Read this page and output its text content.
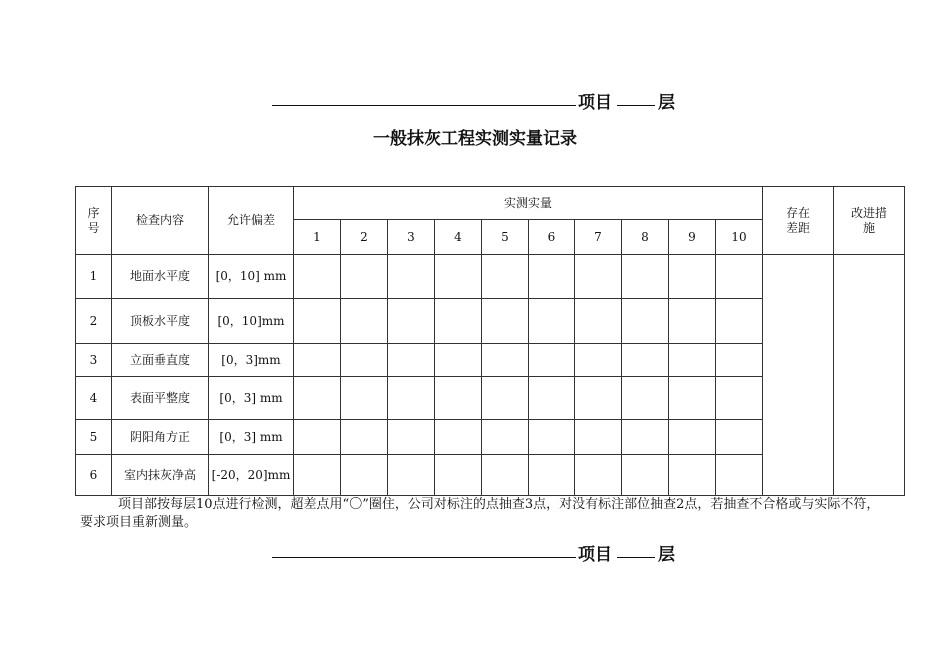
项目	层
一般抹灰工程实测实量记录
序号	检查内容	允许偏差	实测实量										存在差距	改进措施
			1	2	3	4	5	6	7	8	9	10		
1	地面水平度	[0，10] mm												
2	顶板水平度	[0，10]mm												
3	立面垂直度	[0，3]mm												
4	表面平整度	[0，3] mm												
5	阴阳角方正	[0，3] mm												
6	室内抹灰净高	[-20，20]mm												
项目部按每层10点进行检测，超差点用“〇”圈住，公司对标注的点抽查3点，对没有标注部位抽查2点，若抽查不合格或与实际不符，要求项目重新测量。
项目	层
